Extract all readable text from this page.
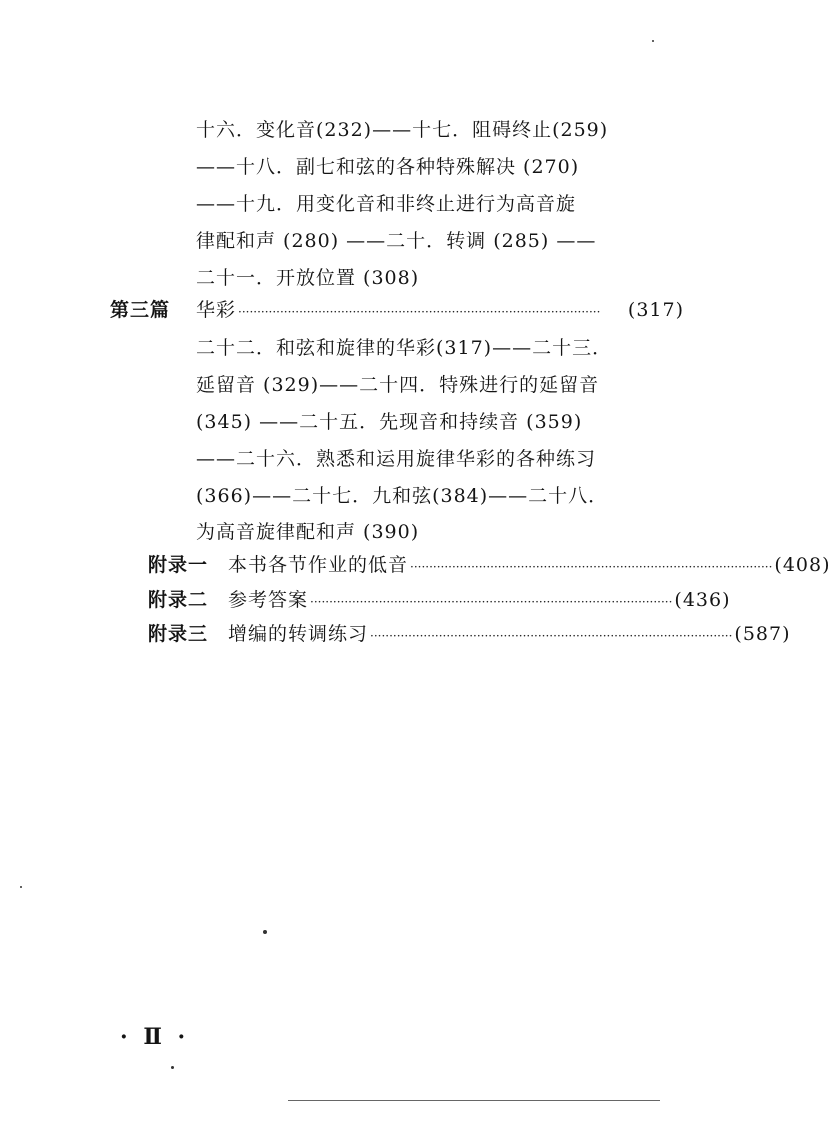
十六．变化音(232)——十七．阻碍终止(259)
——十八．副七和弦的各种特殊解决 (270)
——十九．用变化音和非终止进行为高音旋
律配和声 (280) ——二十．转调 (285) ——
二十一．开放位置 (308)
第三篇 华彩 ·······························································································	(317)
二十二．和弦和旋律的华彩(317)——二十三．
延留音 (329)——二十四．特殊进行的延留音
(345) ——二十五．先现音和持续音 (359)
——二十六．熟悉和运用旋律华彩的各种练习
(366)——二十七．九和弦(384)——二十八．
为高音旋律配和声 (390)
附录一 本书各节作业的低音 ······························································································· (408)
附录二 参考答案 ······························································································· (436)
附录三 增编的转调练习 ······························································································· (587)
· Ⅱ ·
